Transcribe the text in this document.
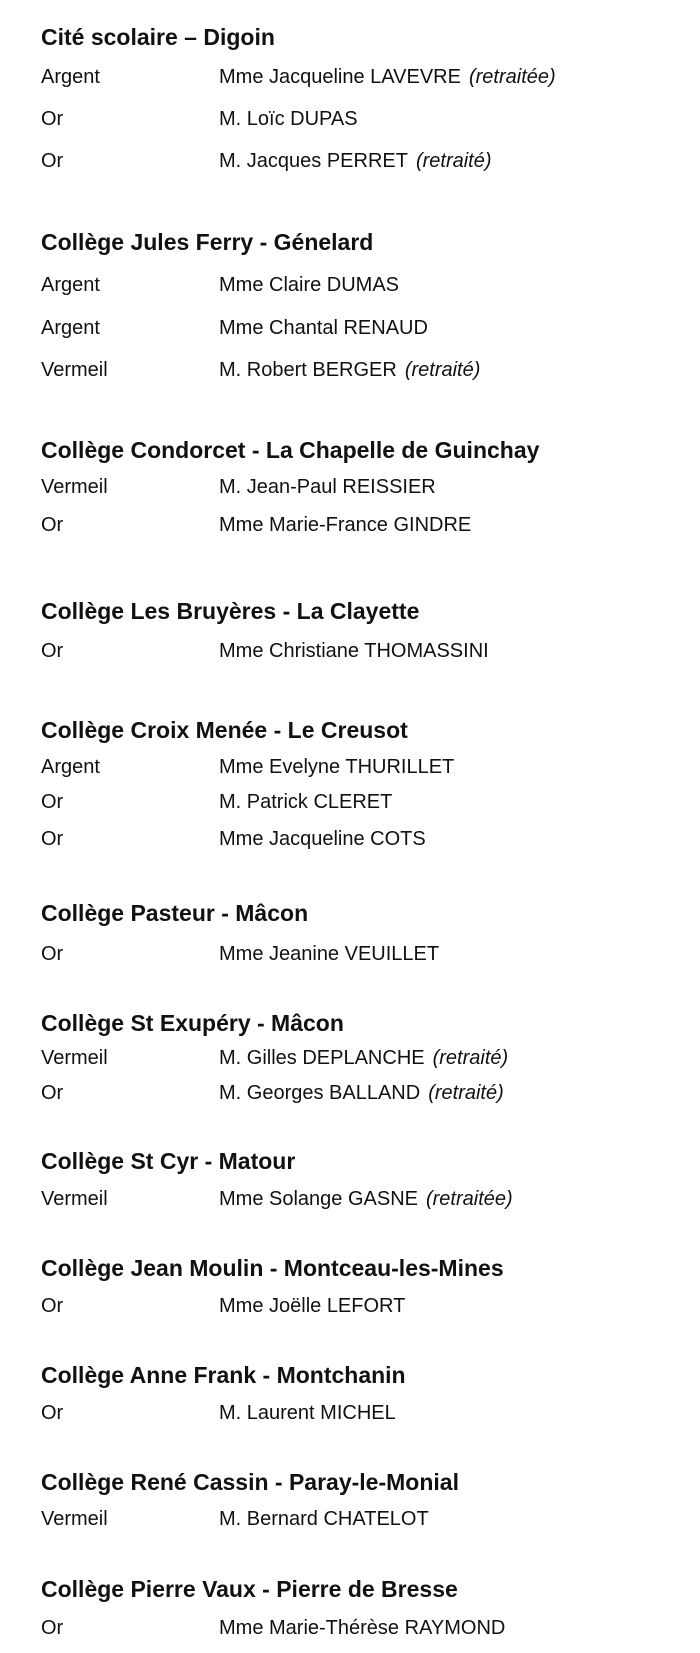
Cité scolaire – Digoin
Argent	Mme Jacqueline LAVEVRE (retraitée)
Or	M. Loïc DUPAS
Or	M. Jacques PERRET (retraité)
Collège Jules Ferry - Génelard
Argent	Mme Claire DUMAS
Argent	Mme Chantal RENAUD
Vermeil	M. Robert BERGER (retraité)
Collège Condorcet - La Chapelle de Guinchay
Vermeil	M. Jean-Paul REISSIER
Or	Mme Marie-France GINDRE
Collège Les Bruyères - La Clayette
Or	Mme Christiane THOMASSINI
Collège Croix Menée - Le Creusot
Argent	Mme Evelyne THURILLET
Or	M. Patrick CLERET
Or	Mme Jacqueline COTS
Collège Pasteur - Mâcon
Or	Mme Jeanine VEUILLET
Collège St Exupéry - Mâcon
Vermeil	M. Gilles DEPLANCHE (retraité)
Or	M. Georges BALLAND (retraité)
Collège St Cyr - Matour
Vermeil	Mme Solange GASNE (retraitée)
Collège Jean Moulin - Montceau-les-Mines
Or	Mme Joëlle LEFORT
Collège Anne Frank - Montchanin
Or	M. Laurent MICHEL
Collège René Cassin - Paray-le-Monial
Vermeil	M. Bernard CHATELOT
Collège Pierre Vaux - Pierre de Bresse
Or	Mme Marie-Thérèse RAYMOND
